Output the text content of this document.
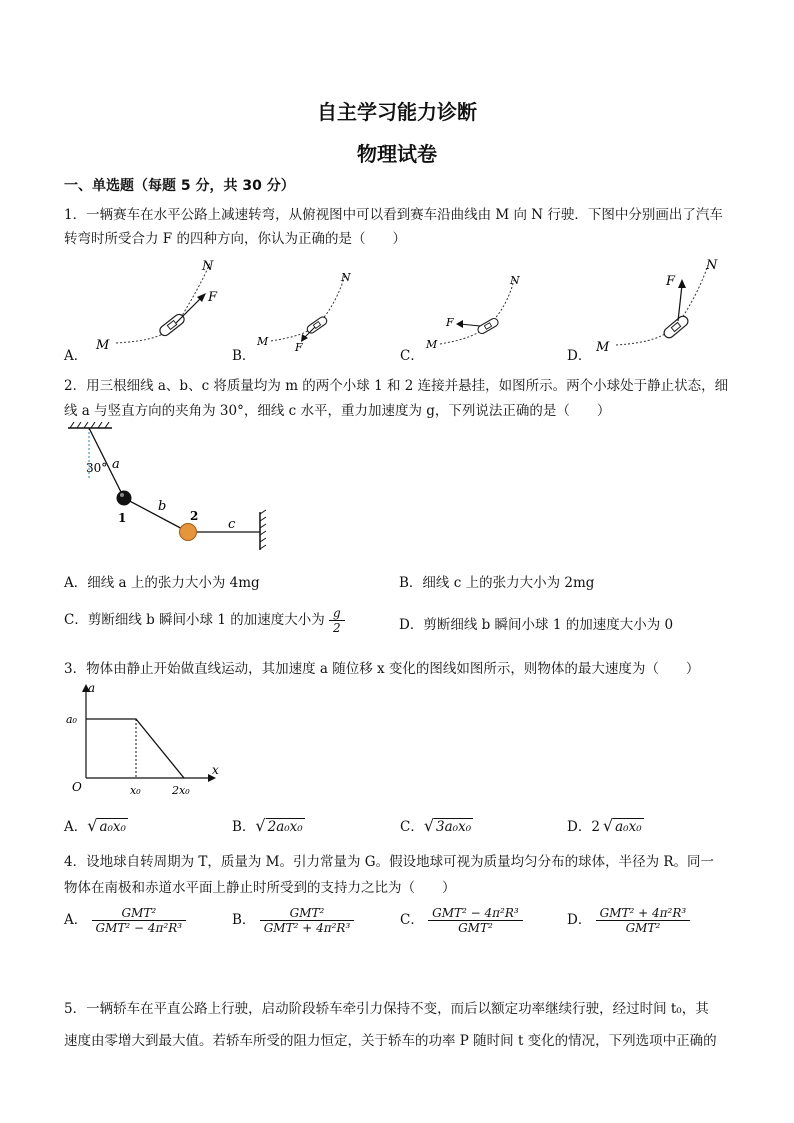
自主学习能力诊断
物理试卷
一、单选题（每题 5 分，共 30 分）
1．一辆赛车在水平公路上减速转弯，从俯视图中可以看到赛车沿曲线由 M 向 N 行驶．下图中分别画出了汽车
转弯时所受合力 F 的四种方向，你认为正确的是（　　）
A．	B．	C．	D．
M
N
F
M
N
F	M
N
F
M
N
F
2．用三根细线 a、b、c 将质量均为 m 的两个小球 1 和 2 连接并悬挂，如图所示。两个小球处于静止状态，细
线 a 与竖直方向的夹角为 30°，细线 c 水平，重力加速度为 g，下列说法正确的是（　　）
30° a
b
c
1	2
A．细线 a 上的张力大小为 4mg	B．细线 c 上的张力大小为 2mg
C．剪断细线 b 瞬间小球 1 的加速度大小为 $\frac{g}{2}$	D．剪断细线 b 瞬间小球 1 的加速度大小为 0
3．物体由静止开始做直线运动，其加速度 a 随位移 x 变化的图线如图所示，则物体的最大速度为（　　）
a
x
O
a₀
x₀	2x₀
A．√ a₀x₀	B．√ 2a₀x₀	C．√ 3a₀x₀	D．2 √ a₀x₀
4．设地球自转周期为 T，质量为 M。引力常量为 G。假设地球可视为质量均匀分布的球体，半径为 R。同一
物体在南极和赤道水平面上静止时所受到的支持力之比为（　　）
A． $\frac{\text{GMT²}}{\text{GMT² − 4π²R³}}$	B． $\frac{\text{GMT²}}{\text{GMT² + 4π²R³}}$	C． $\frac{\text{GMT² − 4π²R³}}{\text{GMT²}}$	D． $\frac{\text{GMT² + 4π²R³}}{\text{GMT²}}$
5．一辆轿车在平直公路上行驶，启动阶段轿车牵引力保持不变，而后以额定功率继续行驶，经过时间 t₀，其
速度由零增大到最大值。若轿车所受的阻力恒定，关于轿车的功率 P 随时间 t 变化的情况，下列选项中正确的
